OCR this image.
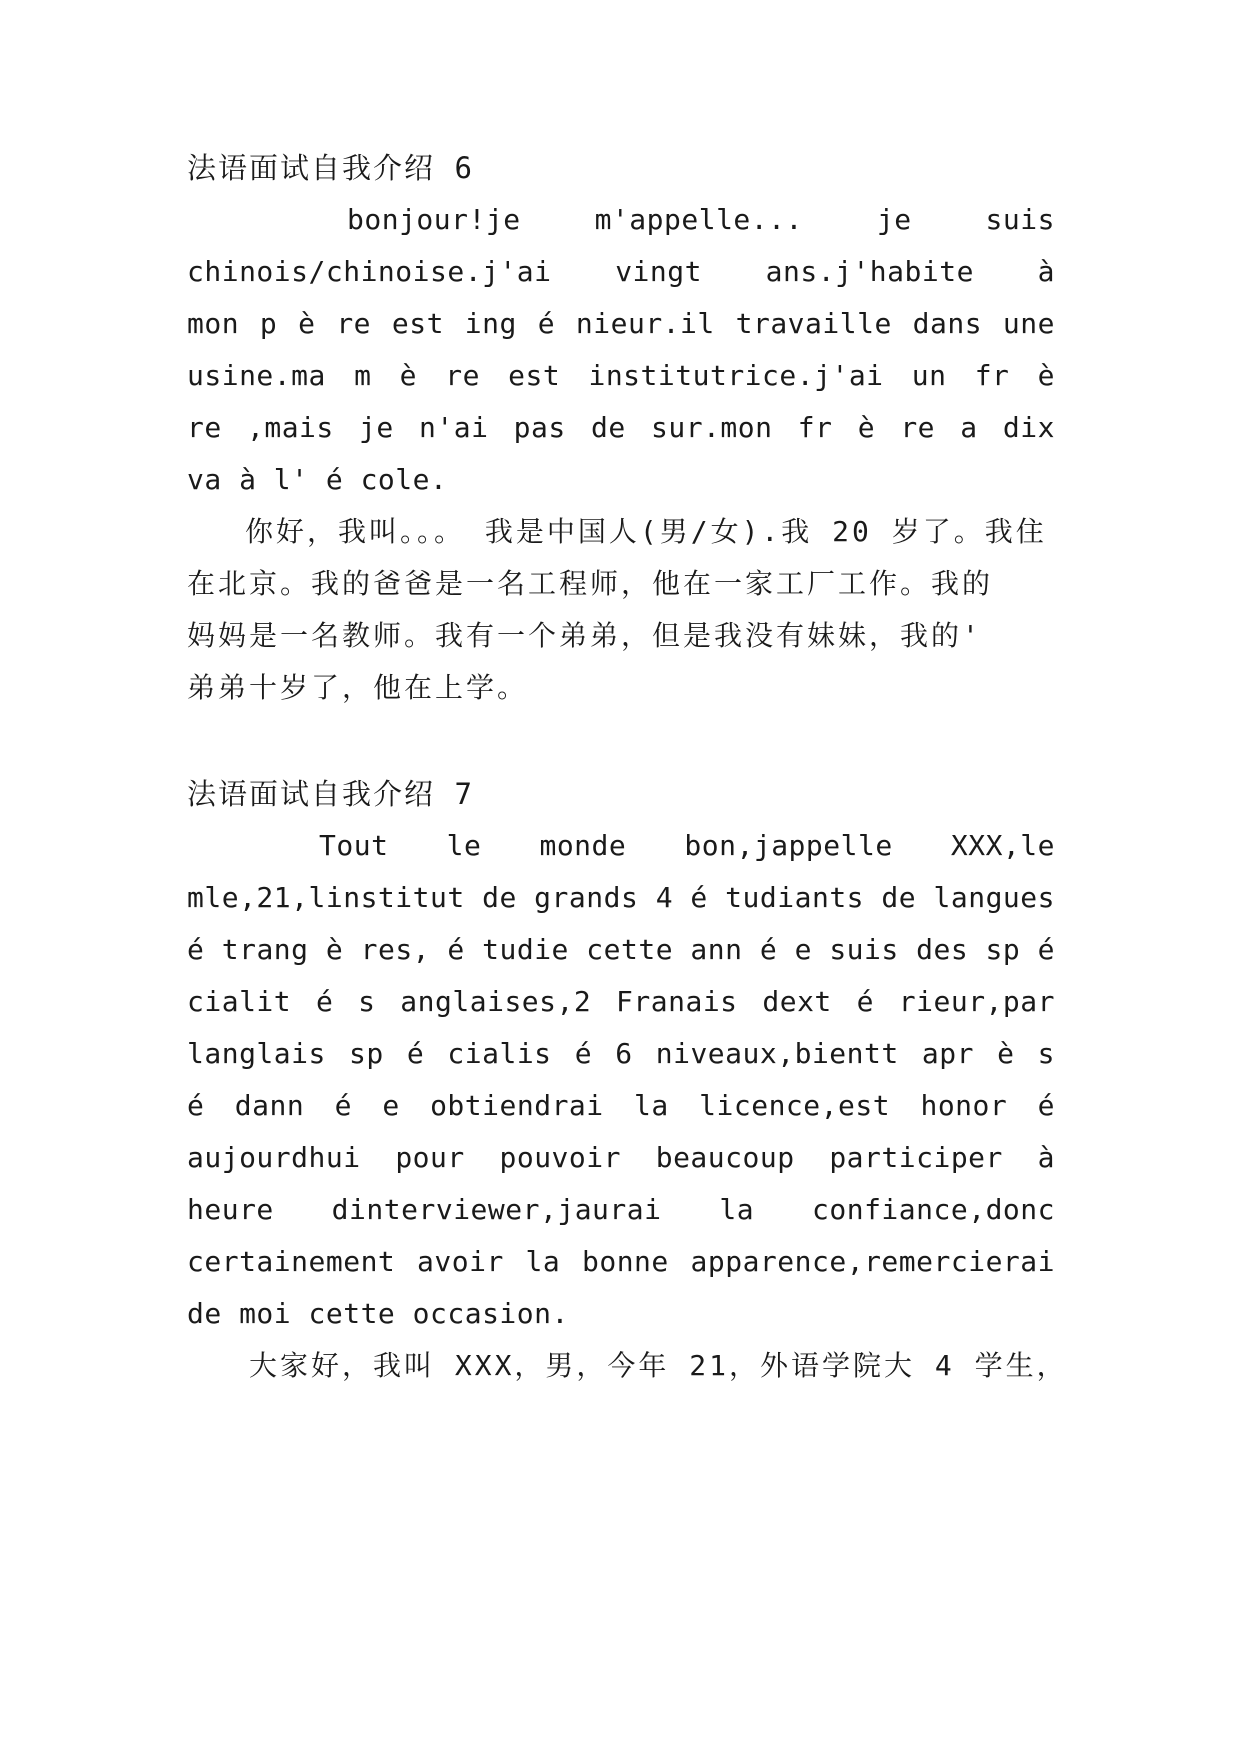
法语面试自我介绍 6
bonjour!je m'appelle... je suis
chinois/chinoise.j'ai vingt ans.j'habite à
mon p è re est ing é nieur.il travaille dans une
usine.ma m è re est institutrice.j'ai un fr è
re ,mais je n'ai pas de sur.mon fr è re a dix
va à l' é cole.
你好，我叫。。。 我是中国人(男/女).我 20 岁了。我住
在北京。我的爸爸是一名工程师，他在一家工厂工作。我的
妈妈是一名教师。我有一个弟弟，但是我没有妹妹，我的'
弟弟十岁了，他在上学。
法语面试自我介绍 7
Tout le monde bon,jappelle XXX,le
mle,21,linstitut de grands 4 é tudiants de langues
é trang è res, é tudie cette ann é e suis des sp é
cialit é s anglaises,2 Franais dext é rieur,par
langlais sp é cialis é 6 niveaux,bientt apr è s
é dann é e obtiendrai la licence,est honor é
aujourdhui pour pouvoir beaucoup participer à
heure dinterviewer,jaurai la confiance,donc
certainement avoir la bonne apparence,remercierai
de moi cette occasion.
大家好，我叫 XXX，男，今年 21，外语学院大 4 学生，
